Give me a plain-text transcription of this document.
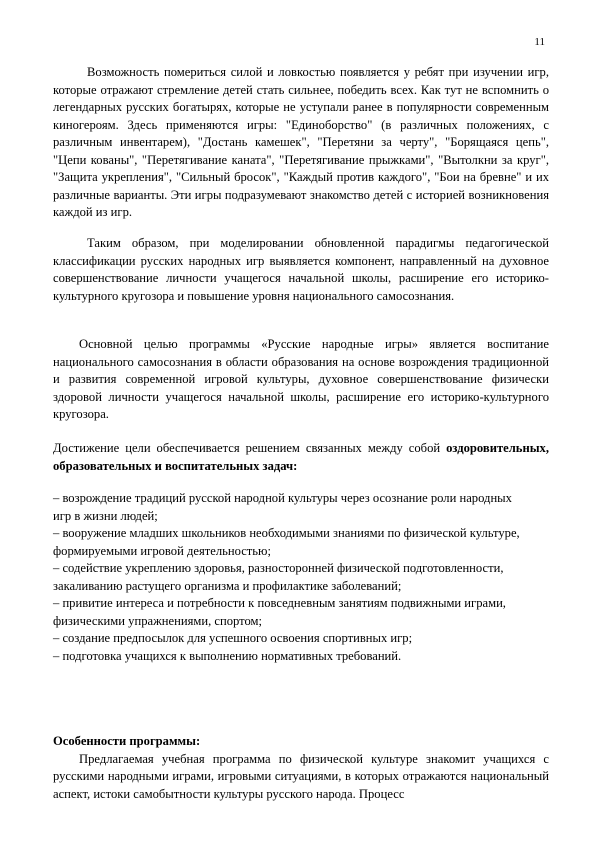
11

Возможность помериться силой и ловкостью появляется у ребят при изучении игр, которые отражают стремление детей стать сильнее, победить всех. Как тут не вспомнить о легендарных русских богатырях, которые не уступали ранее в популярности современным киногероям. Здесь применяются игры: "Единоборство" (в различных положениях, с различным инвентарем), "Достань камешек", "Перетяни за черту", "Борящаяся цепь", "Цепи кованы", "Перетягивание каната", "Перетягивание прыжками", "Вытолкни за круг", "Защита укрепления", "Сильный бросок", "Каждый против каждого", "Бои на бревне" и их различные варианты. Эти игры подразумевают знакомство детей с историей возникновения каждой из игр.

Таким образом, при моделировании обновленной парадигмы педагогической классификации русских народных игр выявляется компонент, направленный на духовное совершенствование личности учащегося начальной школы, расширение его историко-культурного кругозора и повышение уровня национального самосознания.

Основной целью программы «Русские народные игры» является воспитание национального самосознания в области образования на основе возрождения традиционной и развития современной игровой культуры, духовное совершенствование физически здоровой личности учащегося начальной школы, расширение его историко-культурного кругозора.

Достижение цели обеспечивается решением связанных между собой оздоровительных, образовательных и воспитательных задач:

– возрождение традиций русской народной культуры через осознание роли народных игр в жизни людей;

– вооружение младших школьников необходимыми знаниями по физической культуре, формируемыми игровой деятельностью;

– содействие укреплению здоровья, разносторонней физической подготовленности, закаливанию растущего организма и профилактике заболеваний;

– привитие интереса и потребности к повседневным занятиям подвижными играми, физическими упражнениями, спортом;

– создание предпосылок для успешного освоения спортивных игр;

– подготовка учащихся к выполнению нормативных требований.

Особенности программы:

Предлагаемая учебная программа по физической культуре знакомит учащихся с русскими народными играми, игровыми ситуациями, в которых отражаются национальный аспект, истоки самобытности культуры русского народа. Процесс
